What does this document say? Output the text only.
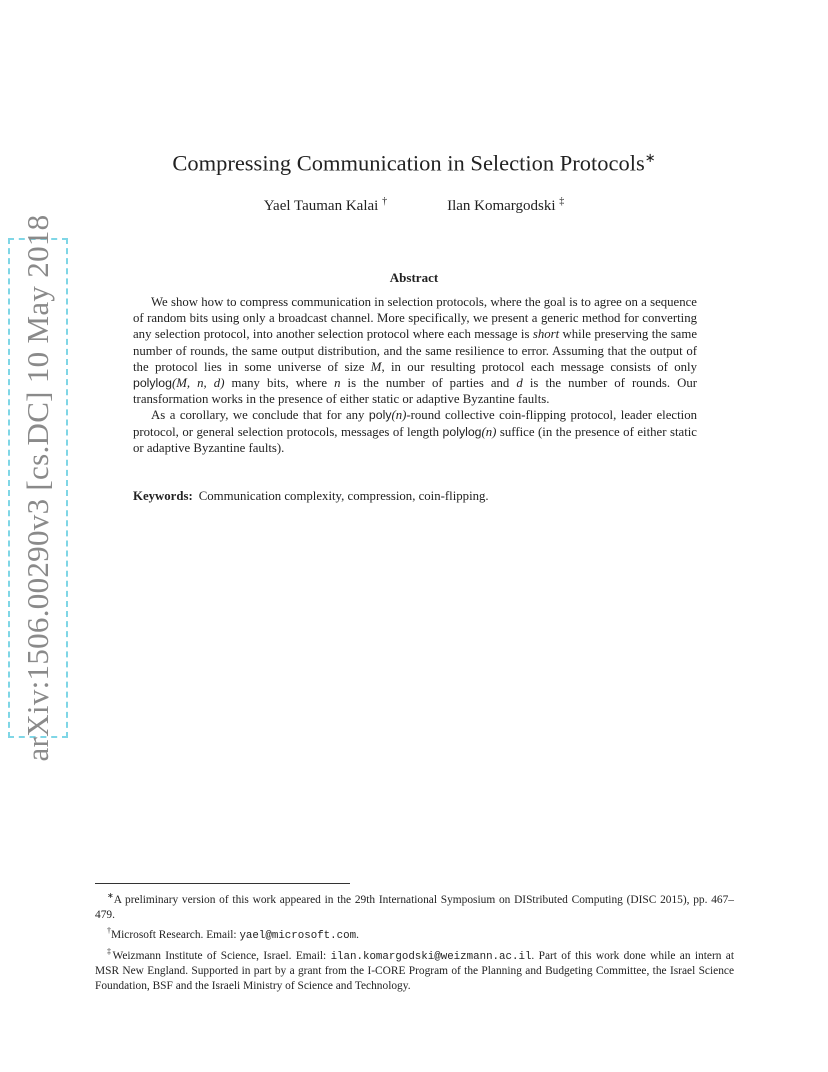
arXiv:1506.00290v3 [cs.DC] 10 May 2018
Compressing Communication in Selection Protocols∗
Yael Tauman Kalai †	Ilan Komargodski ‡
Abstract

We show how to compress communication in selection protocols, where the goal is to agree on a sequence of random bits using only a broadcast channel. More specifically, we present a generic method for converting any selection protocol, into another selection protocol where each message is short while preserving the same number of rounds, the same output distribution, and the same resilience to error. Assuming that the output of the protocol lies in some universe of size M, in our resulting protocol each message consists of only polylog(M, n, d) many bits, where n is the number of parties and d is the number of rounds. Our transformation works in the presence of either static or adaptive Byzantine faults.

As a corollary, we conclude that for any poly(n)-round collective coin-flipping protocol, leader election protocol, or general selection protocols, messages of length polylog(n) suffice (in the presence of either static or adaptive Byzantine faults).

Keywords: Communication complexity, compression, coin-flipping.

∗A preliminary version of this work appeared in the 29th International Symposium on DIStributed Computing (DISC 2015), pp. 467–479.

†Microsoft Research. Email: yael@microsoft.com.

‡Weizmann Institute of Science, Israel. Email: ilan.komargodski@weizmann.ac.il. Part of this work done while an intern at MSR New England. Supported in part by a grant from the I-CORE Program of the Planning and Budgeting Committee, the Israel Science Foundation, BSF and the Israeli Ministry of Science and Technology.
